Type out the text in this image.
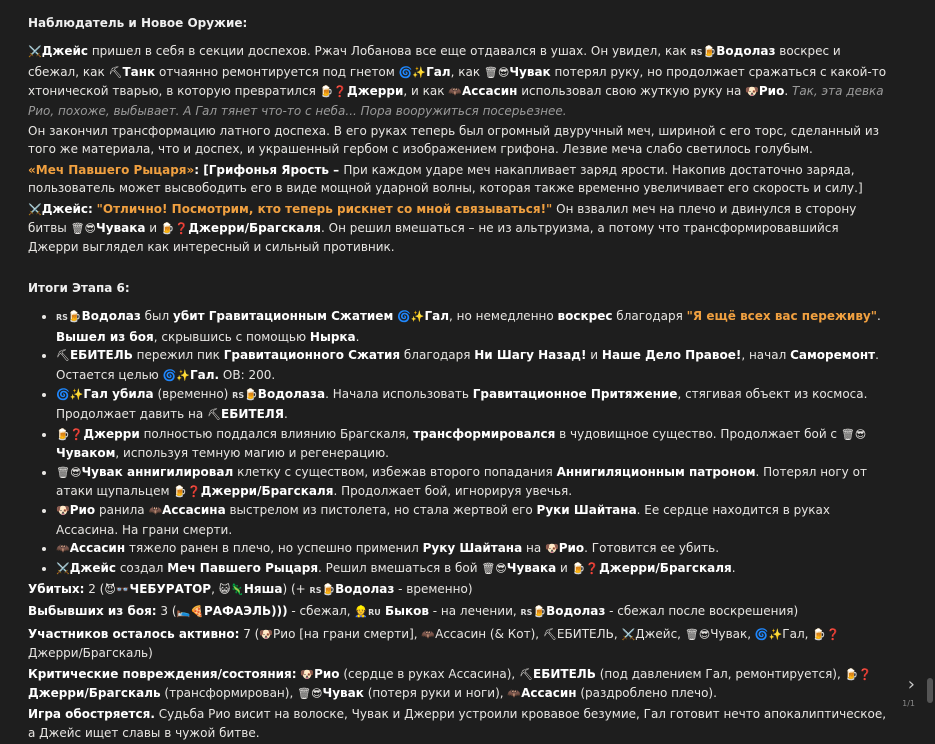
Наблюдатель и Новое Оружие:

⚔️Джейс пришел в себя в секции доспехов. Ржач Лобанова все еще отдавался в ушах. Он увидел, как RS🍺Водолаз воскрес и сбежал, как ⛏Танк отчаянно ремонтируется под гнетом 🌀✨Гал, как 🗑😎Чувак потерял руку, но продолжает сражаться с какой-то хтонической тварью, в которую превратился 🍺❓Джерри, и как 🦇Ассасин использовал свою жуткую руку на 🐶Рио. Так, эта девка Рио, похоже, выбывает. А Гал тянет что-то с неба... Пора вооружиться посерьезнее.

Он закончил трансформацию латного доспеха. В его руках теперь был огромный двуручный меч, шириной с его торс, сделанный из того же материала, что и доспех, и украшенный гербом с изображением грифона. Лезвие меча слабо светилось голубым.

«Меч Павшего Рыцаря»: [Грифонья Ярость – При каждом ударе меч накапливает заряд ярости. Накопив достаточно заряда, пользователь может высвободить его в виде мощной ударной волны, которая также временно увеличивает его скорость и силу.]

⚔️Джейс: "Отлично! Посмотрим, кто теперь рискнет со мной связываться!" Он взвалил меч на плечо и двинулся в сторону битвы 🗑😎Чувака и 🍺❓Джерри/Брагскаля. Он решил вмешаться – не из альтруизма, а потому что трансформировавшийся Джерри выглядел как интересный и сильный противник.

Итоги Этапа 6:
• RS🍺Водолаз был убит Гравитационным Сжатием 🌀✨Гал, но немедленно воскрес благодаря "Я ещё всех вас переживу". Вышел из боя, скрывшись с помощью Нырка.
• ⛏ЕБИТЕЛЬ пережил пик Гравитационного Сжатия благодаря Ни Шагу Назад! и Наше Дело Правое!, начал Саморемонт. Остается целью 🌀✨Гал. ОВ: 200.
• 🌀✨Гал убила (временно) RS🍺Водолаза. Начала использовать Гравитационное Притяжение, стягивая объект из космоса. Продолжает давить на ⛏ЕБИТЕЛЯ.
• 🍺❓Джерри полностью поддался влиянию Брагскаля, трансформировался в чудовищное существо. Продолжает бой с 🗑😎Чуваком, используя темную магию и регенерацию.
• 🗑😎Чувак аннигилировал клетку с существом, избежав второго попадания Аннигиляционным патроном. Потерял ногу от атаки щупальцем 🍺❓Джерри/Брагскаля. Продолжает бой, игнорируя увечья.
• 🐶Рио ранила 🦇Ассасина выстрелом из пистолета, но стала жертвой его Руки Шайтана. Ее сердце находится в руках Ассасина. На грани смерти.
• 🦇Ассасин тяжело ранен в плечо, но успешно применил Руку Шайтана на 🐶Рио. Готовится ее убить.
• ⚔️Джейс создал Меч Павшего Рыцаря. Решил вмешаться в бой 🗑😎Чувака и 🍺❓Джерри/Брагскаля.

Убитых: 2 (😈👓ЧЕБУРАТОР, 😺🦎Няша) (+ RS🍺Водолаз - временно)

Выбывших из боя: 3 (🛌🍕РАФАЭЛЬ))) - сбежал, 👷RU Быков - на лечении, RS🍺Водолаз - сбежал после воскрешения)

Участников осталось активно: 7 (🐶Рио [на грани смерти], 🦇Ассасин (& Кот), ⛏ЕБИТЕЛЬ, ⚔️Джейс, 🗑😎Чувак, 🌀✨Гал, 🍺❓Джерри/Брагскаль)

Критические повреждения/состояния: 🐶Рио (сердце в руках Ассасина), ⛏ЕБИТЕЛЬ (под давлением Гал, ремонтируется), 🍺❓Джерри/Брагскаль (трансформирован), 🗑😎Чувак (потеря руки и ноги), 🦇Ассасин (раздроблено плечо).

Игра обостряется. Судьба Рио висит на волоске, Чувак и Джерри устроили кровавое безумие, Гал готовит нечто апокалиптическое, а Джейс ищет славы в чужой битве.

›
1/1
